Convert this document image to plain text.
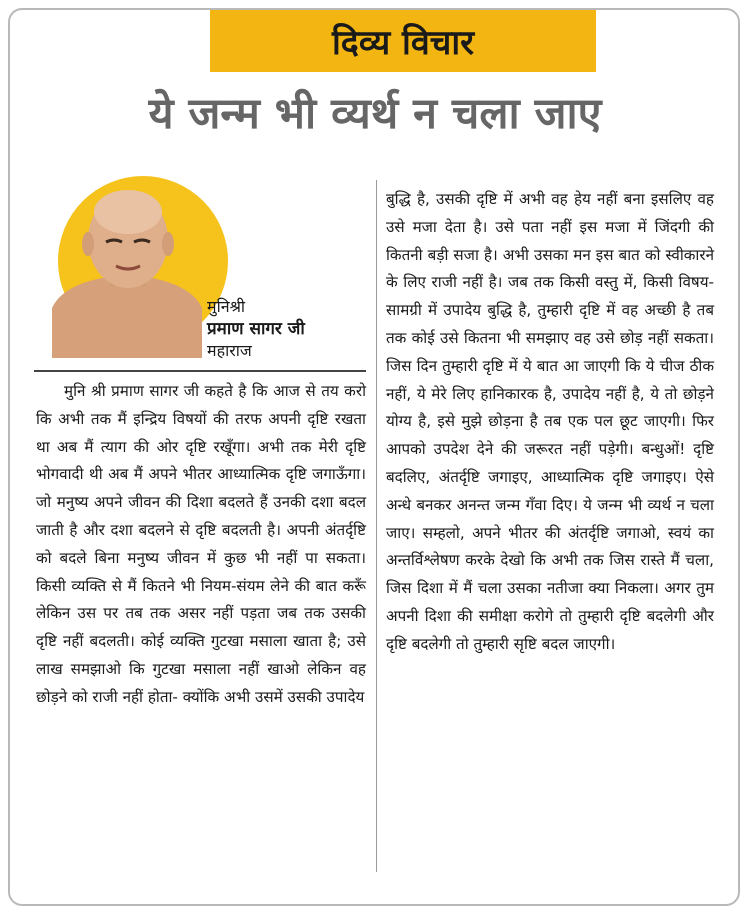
दिव्य विचार
ये जन्म भी व्यर्थ न चला जाए
मुनिश्री
प्रमाण सागर जी
महाराज
मुनि श्री प्रमाण सागर जी कहते है कि आज से तय करो कि अभी तक मैं इन्द्रिय विषयों की तरफ अपनी दृष्टि रखता था अब मैं त्याग की ओर दृष्टि रखूँगा। अभी तक मेरी दृष्टि भोगवादी थी अब मैं अपने भीतर आध्यात्मिक दृष्टि जगाऊँगा। जो मनुष्य अपने जीवन की दिशा बदलते हैं उनकी दशा बदल जाती है और दशा बदलने से दृष्टि बदलती है। अपनी अंतर्दृष्टि को बदले बिना मनुष्य जीवन में कुछ भी नहीं पा सकता। किसी व्यक्ति से मैं कितने भी नियम-संयम लेने की बात करूँ लेकिन उस पर तब तक असर नहीं पड़ता जब तक उसकी दृष्टि नहीं बदलती। कोई व्यक्ति गुटखा मसाला खाता है; उसे लाख समझाओ कि गुटखा मसाला नहीं खाओ लेकिन वह छोड़ने को राजी नहीं होता- क्योंकि अभी उसमें उसकी उपादेय
बुद्धि है, उसकी दृष्टि में अभी वह हेय नहीं बना इसलिए वह उसे मजा देता है। उसे पता नहीं इस मजा में जिंदगी की कितनी बड़ी सजा है। अभी उसका मन इस बात को स्वीकारने के लिए राजी नहीं है। जब तक किसी वस्तु में, किसी विषय-सामग्री में उपादेय बुद्धि है, तुम्हारी दृष्टि में वह अच्छी है तब तक कोई उसे कितना भी समझाए वह उसे छोड़ नहीं सकता। जिस दिन तुम्हारी दृष्टि में ये बात आ जाएगी कि ये चीज ठीक नहीं, ये मेरे लिए हानिकारक है, उपादेय नहीं है, ये तो छोड़ने योग्य है, इसे मुझे छोड़ना है तब एक पल छूट जाएगी। फिर आपको उपदेश देने की जरूरत नहीं पड़ेगी। बन्धुओं! दृष्टि बदलिए, अंतर्दृष्टि जगाइए, आध्यात्मिक दृष्टि जगाइए। ऐसे अन्धे बनकर अनन्त जन्म गँवा दिए। ये जन्म भी व्यर्थ न चला जाए। सम्हलो, अपने भीतर की अंतर्दृष्टि जगाओ, स्वयं का अन्तर्विश्लेषण करके देखो कि अभी तक जिस रास्ते मैं चला, जिस दिशा में मैं चला उसका नतीजा क्या निकला। अगर तुम अपनी दिशा की समीक्षा करोगे तो तुम्हारी दृष्टि बदलेगी और दृष्टि बदलेगी तो तुम्हारी सृष्टि बदल जाएगी।
